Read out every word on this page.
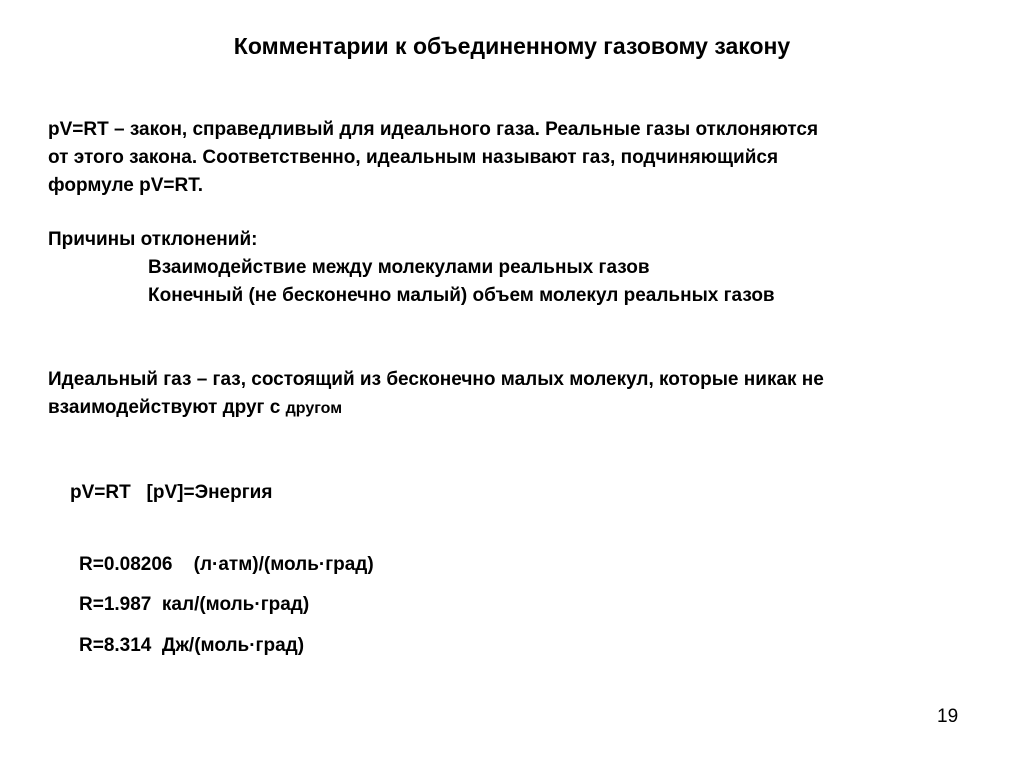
Комментарии к объединенному газовому закону
pV=RT – закон, справедливый для идеального газа. Реальные газы отклоняются
от этого закона. Соответственно, идеальным называют газ, подчиняющийся
формуле pV=RT.
Причины отклонений:
Взаимодействие между молекулами реальных газов
Конечный (не бесконечно малый) объем молекул реальных газов
Идеальный газ – газ, состоящий из бесконечно малых молекул, которые никак не
взаимодействуют друг с другом
pV=RT   [pV]=Энергия
R=0.08206    (л·атм)/(моль·град)
R=1.987  кал/(моль·град)
R=8.314  Дж/(моль·град)
19
